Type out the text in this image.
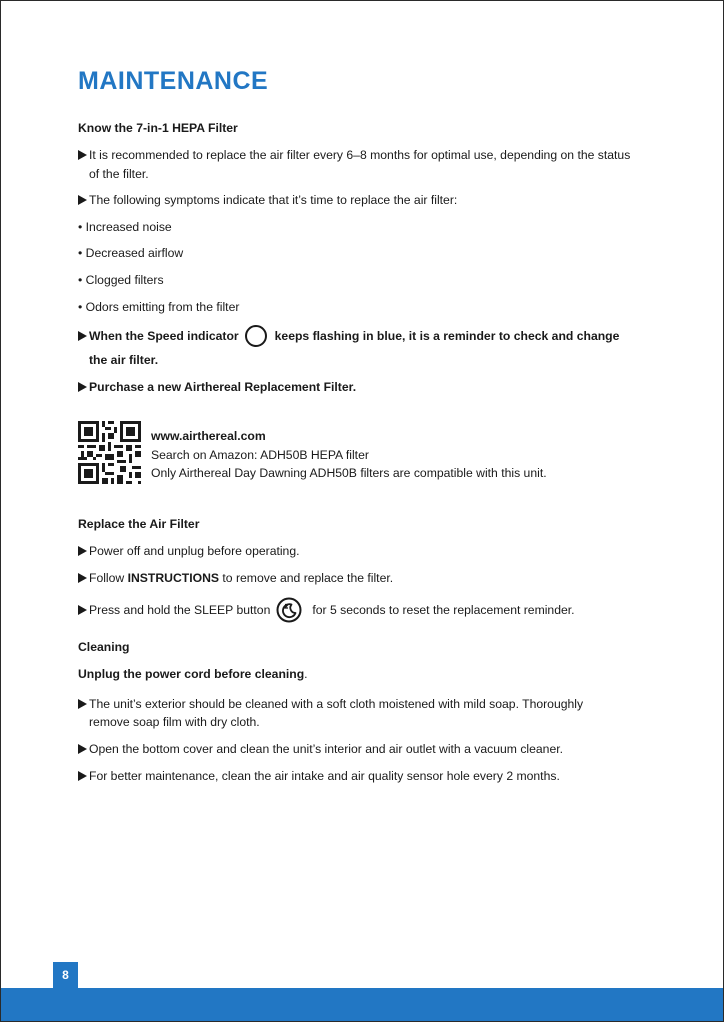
MAINTENANCE
Know the 7-in-1 HEPA Filter
It is recommended to replace the air filter every 6–8 months for optimal use, depending on the status
of the filter.
The following symptoms indicate that it’s time to replace the air filter:
• Increased noise
• Decreased airflow
• Clogged filters
• Odors emitting from the filter
When the Speed indicator	keeps flashing in blue, it is a reminder to check and change
the air filter.
Purchase a new Airthereal Replacement Filter.
www.airthereal.com
Search on Amazon: ADH50B HEPA filter
Only Airthereal Day Dawning ADH50B filters are compatible with this unit.
Replace the Air Filter
Power off and unplug before operating.
Follow INSTRUCTIONS to remove and replace the filter.
Press and hold the SLEEP button	for 5 seconds to reset the replacement reminder.
Cleaning
Unplug the power cord before cleaning.
The unit’s exterior should be cleaned with a soft cloth moistened with mild soap. Thoroughly
remove soap film with dry cloth.
Open the bottom cover and clean the unit’s interior and air outlet with a vacuum cleaner.
For better maintenance, clean the air intake and air quality sensor hole every 2 months.
8
